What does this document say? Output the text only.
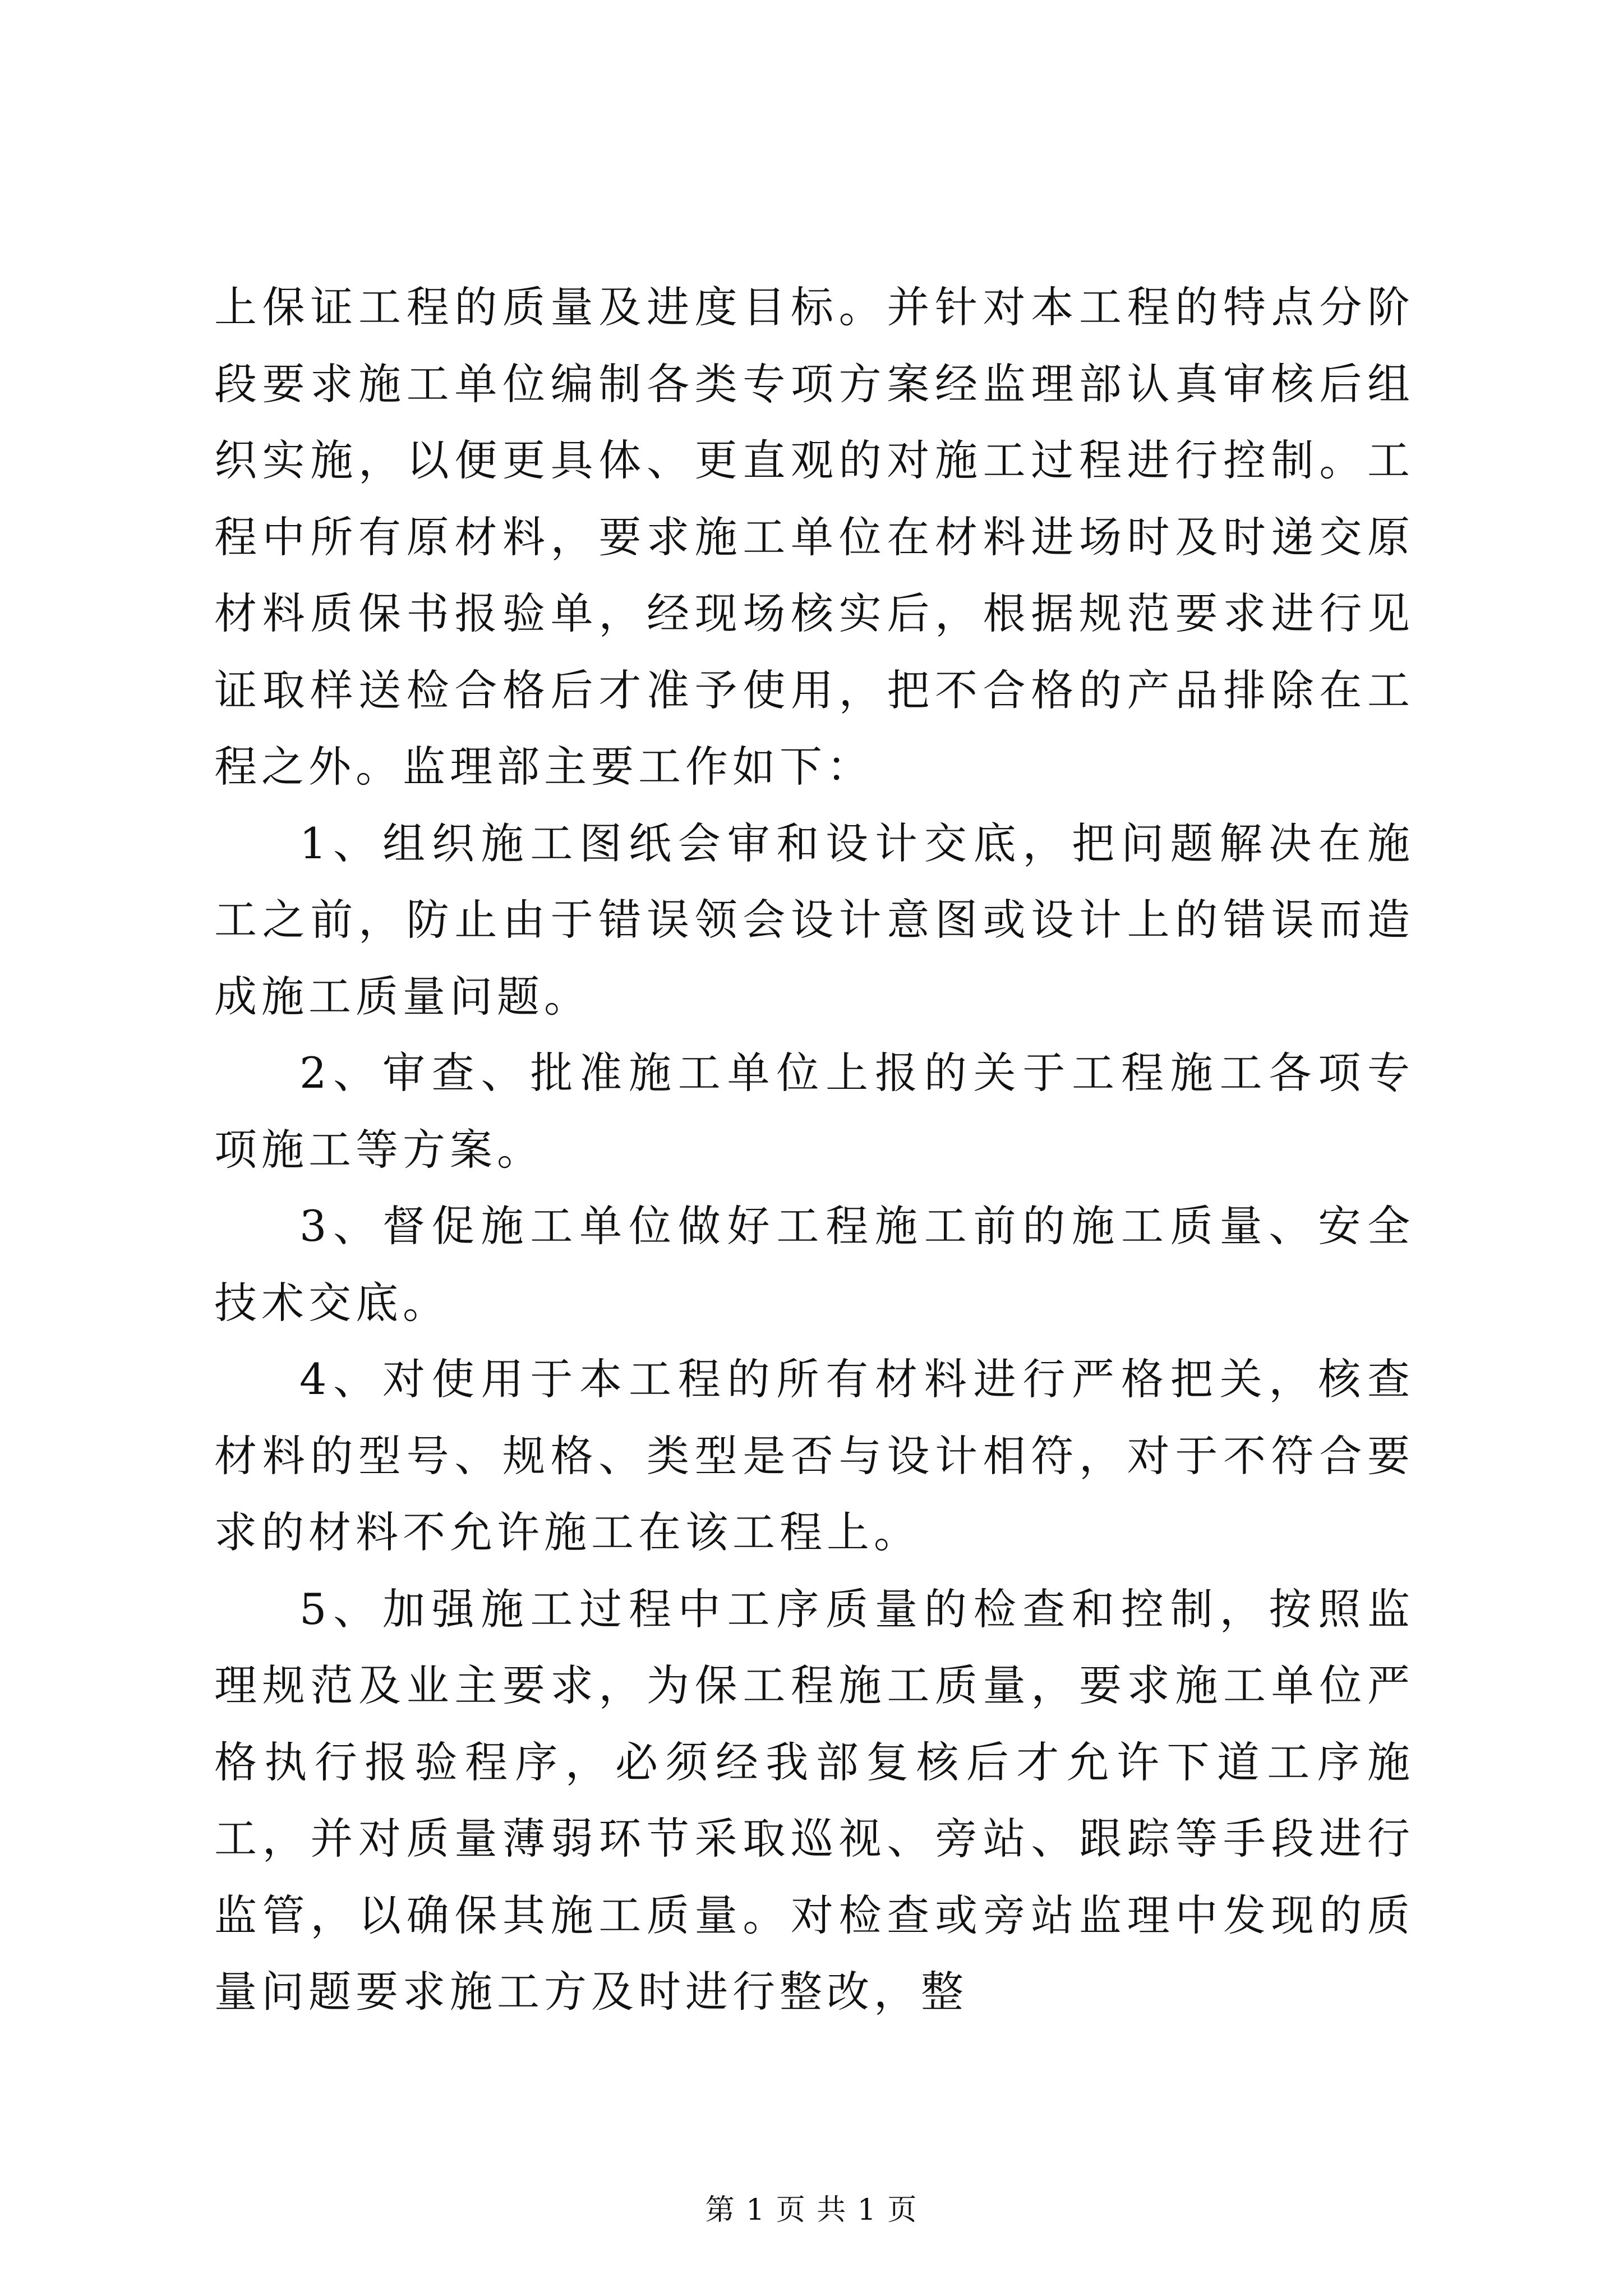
上保证工程的质量及进度目标。并针对本工程的特点分阶段要求施工单位编制各类专项方案经监理部认真审核后组织实施，以便更具体、更直观的对施工过程进行控制。工程中所有原材料，要求施工单位在材料进场时及时递交原材料质保书报验单，经现场核实后，根据规范要求进行见证取样送检合格后才准予使用，把不合格的产品排除在工程之外。监理部主要工作如下：

1、组织施工图纸会审和设计交底，把问题解决在施工之前，防止由于错误领会设计意图或设计上的错误而造成施工质量问题。

2、审查、批准施工单位上报的关于工程施工各项专项施工等方案。

3、督促施工单位做好工程施工前的施工质量、安全技术交底。

4、对使用于本工程的所有材料进行严格把关，核查材料的型号、规格、类型是否与设计相符，对于不符合要求的材料不允许施工在该工程上。

5、加强施工过程中工序质量的检查和控制，按照监理规范及业主要求，为保工程施工质量，要求施工单位严格执行报验程序，必须经我部复核后才允许下道工序施工，并对质量薄弱环节采取巡视、旁站、跟踪等手段进行监管，以确保其施工质量。对检查或旁站监理中发现的质量问题要求施工方及时进行整改，整

第 1 页 共 1 页
